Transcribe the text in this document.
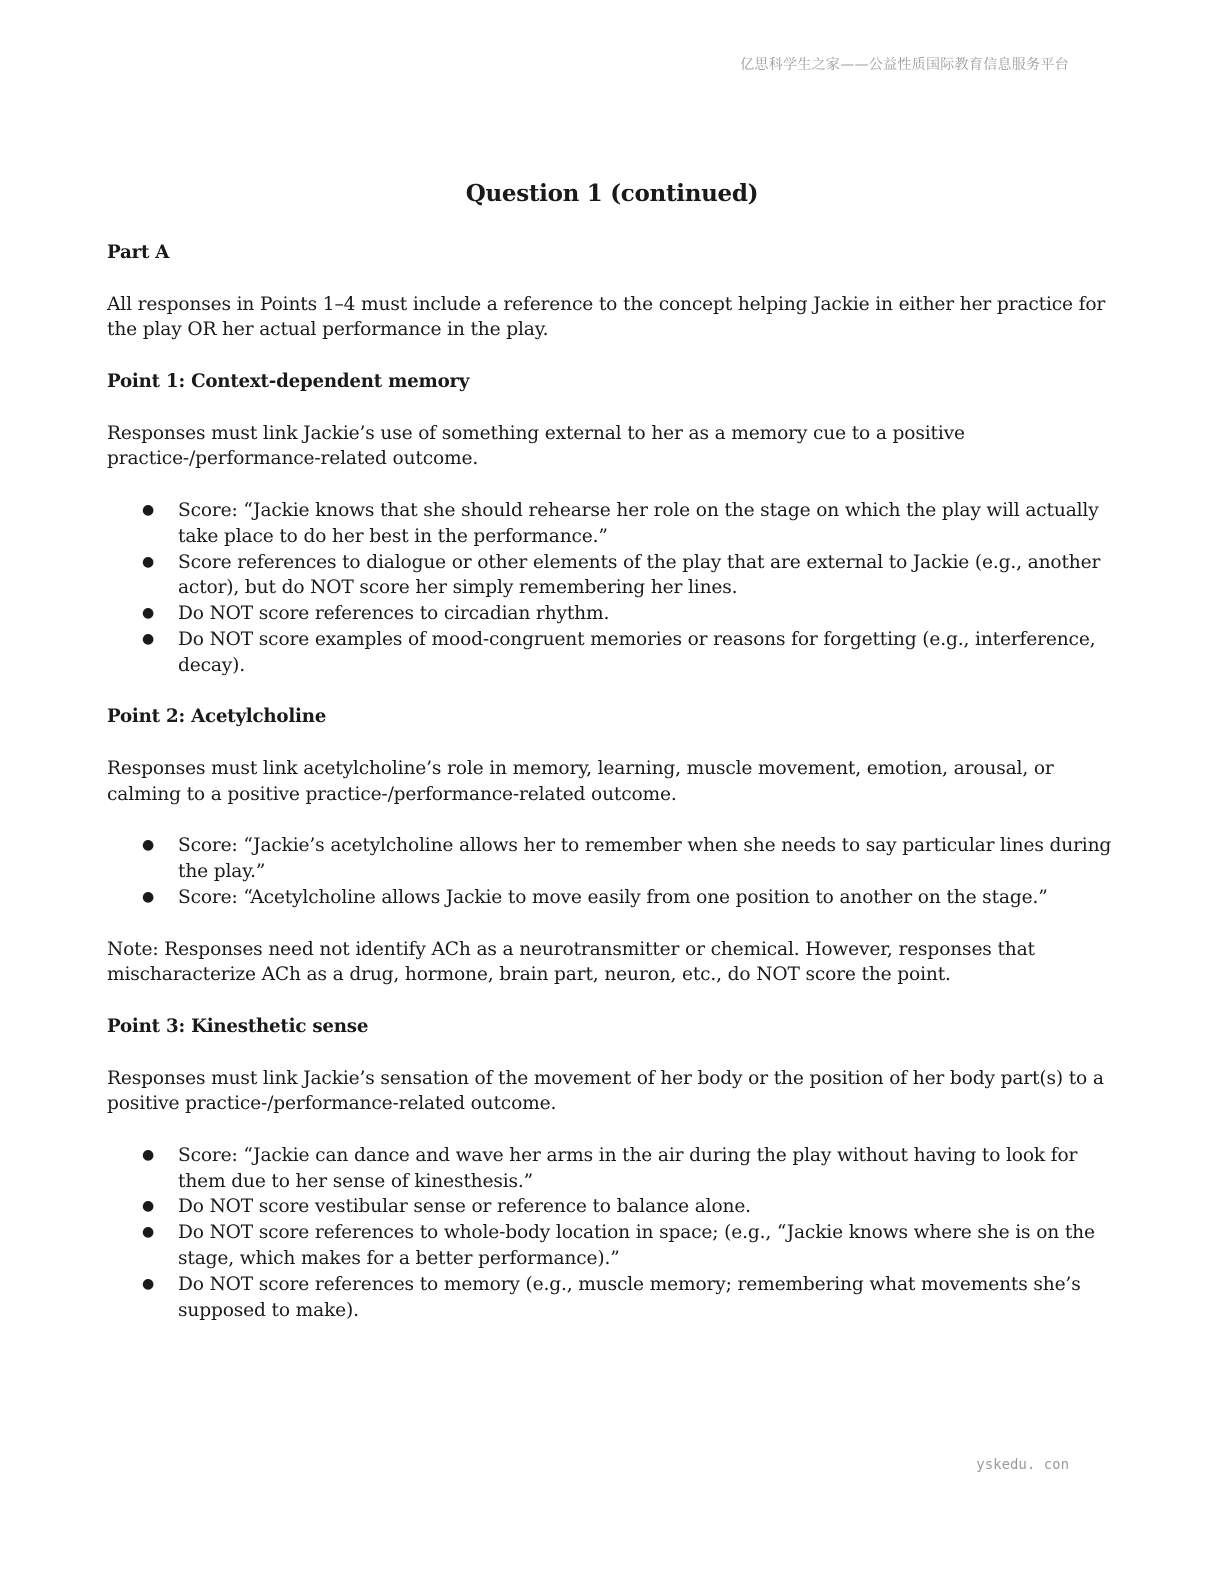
亿思科学生之家——公益性质国际教育信息服务平台
Question 1 (continued)

Part A

All responses in Points 1–4 must include a reference to the concept helping Jackie in either her practice for the play OR her actual performance in the play.

Point 1: Context-dependent memory

Responses must link Jackie’s use of something external to her as a memory cue to a positive practice-/performance-related outcome.

● Score: “Jackie knows that she should rehearse her role on the stage on which the play will actually take place to do her best in the performance.”
● Score references to dialogue or other elements of the play that are external to Jackie (e.g., another actor), but do NOT score her simply remembering her lines.
● Do NOT score references to circadian rhythm.
● Do NOT score examples of mood-congruent memories or reasons for forgetting (e.g., interference, decay).

Point 2: Acetylcholine

Responses must link acetylcholine’s role in memory, learning, muscle movement, emotion, arousal, or calming to a positive practice-/performance-related outcome.

● Score: “Jackie’s acetylcholine allows her to remember when she needs to say particular lines during the play.”
● Score: “Acetylcholine allows Jackie to move easily from one position to another on the stage.”

Note: Responses need not identify ACh as a neurotransmitter or chemical. However, responses that mischaracterize ACh as a drug, hormone, brain part, neuron, etc., do NOT score the point.

Point 3: Kinesthetic sense

Responses must link Jackie’s sensation of the movement of her body or the position of her body part(s) to a positive practice-/performance-related outcome.

● Score: “Jackie can dance and wave her arms in the air during the play without having to look for them due to her sense of kinesthesis.”
● Do NOT score vestibular sense or reference to balance alone.
● Do NOT score references to whole-body location in space; (e.g., “Jackie knows where she is on the stage, which makes for a better performance).”
● Do NOT score references to memory (e.g., muscle memory; remembering what movements she’s supposed to make).
yskedu. con
